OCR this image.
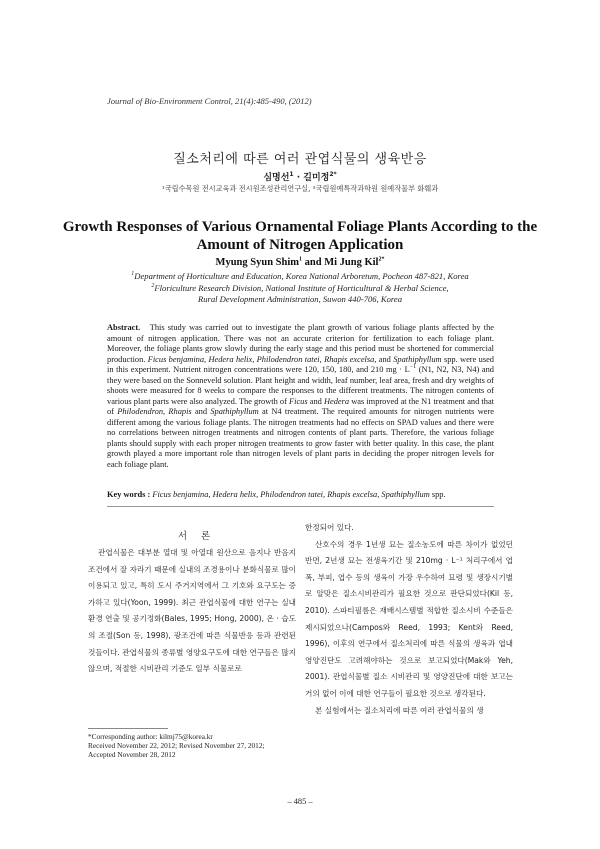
Journal of Bio-Environment Control, 21(4):485-490, (2012)
질소처리에 따른 여러 관엽식물의 생육반응
심명선$^1$ · 길미정$^{2*}$
¹국립수목원 전시교육과 전시원조성관리연구실, ²국립원예특작과학원 원예작물부 화훼과
Growth Responses of Various Ornamental Foliage Plants According to the Amount of Nitrogen Application
Myung Syun Shim$^1$ and Mi Jung Kil$^{2*}$
$^1$Department of Horticulture and Education, Korea National Arboretum, Pocheon 487-821, Korea
$^2$Floriculture Research Division, National Institute of Horticultural & Herbal Science,
Rural Development Administration, Suwon 440-706, Korea
Abstract. This study was carried out to investigate the plant growth of various foliage plants affected by the amount of nitrogen application. There was not an accurate criterion for fertilization to each foliage plant. Moreover, the foliage plants grow slowly during the early stage and this period must be shortened for commercial production. Ficus benjamina, Hedera helix, Philodendron tatei, Rhapis excelsa, and Spathiphyllum spp. were used in this experiment. Nutrient nitrogen concentrations were 120, 150, 180, and 210 mg · $L^{-1}$ (N1, N2, N3, N4) and they were based on the Sonneveld solution. Plant height and width, leaf number, leaf area, fresh and dry weights of shoots were measured for 8 weeks to compare the responses to the different treatments. The nitrogen contents of various plant parts were also analyzed. The growth of Ficus and Hedera was improved at the N1 treatment and that of Philodendron, Rhapis and Spathiphyllum at N4 treatment. The required amounts for nitrogen nutrients were different among the various foliage plants. The nitrogen treatments had no effects on SPAD values and there were no correlations between nitrogen treatments and nitrogen contents of plant parts. Therefore, the various foliage plants should supply with each proper nitrogen treatments to grow faster with better quality. In this case, the plant growth played a more important role than nitrogen levels of plant parts in deciding the proper nitrogen levels for each foliage plant.
Key words : Ficus benjamina, Hedera helix, Philodendron tatei, Rhapis excelsa, Spathiphyllum spp.
서론

관엽식물은 대부분 열대 및 아열대 원산으로 음지나 반음지 조건에서 잘 자라기 때문에 실내의 조경용이나 분화식물로 많이 이용되고 있고, 특히 도시 주거지역에서 그 기호와 요구도는 증가하고 있다(Yoon, 1999). 최근 관엽식물에 대한 연구는 실내환경 연출 및 공기정화(Bales, 1995; Hong, 2000), 온 · 습도의 조절(Son 등, 1998), 광조건에 따른 식물반응 등과 관련된 것들이다. 관엽식물의 종류별 영양요구도에 대한 연구들은 많지 않으며, 적절한 시비관리 기준도 일부 식물로로

한정되어 있다.

산호수의 경우 1년생 묘는 질소농도에 따른 차이가 없었던 반면, 2년생 묘는 전생육기간 및 210mg · L⁻¹ 처리구에서 엽폭, 부피, 엽수 등의 생육이 가장 우수하여 묘령 및 생장시기별로 알맞은 질소시비관리가 필요한 것으로 판단되었다(Kil 등, 2010). 스파티필름은 재배시스템별 적합한 질소시비 수준들은 제시되었으나(Campos와 Reed, 1993; Kent와 Reed, 1996), 이후의 연구에서 질소처리에 따른 식물의 생육과 엽내 영양진단도 고려해야하는 것으로 보고되었다(Mak와 Yeh, 2001). 관엽식물별 질소 시비관리 및 영양진단에 대한 보고는 거의 없어 이에 대한 연구들이 필요한 것으로 생각된다.

본 실험에서는 질소처리에 따른 여러 관엽식물의 생

*Corresponding author: kilmj75@korea.kr
Received November 22, 2012; Revised November 27, 2012;
Accepted November 28, 2012
– 485 –
